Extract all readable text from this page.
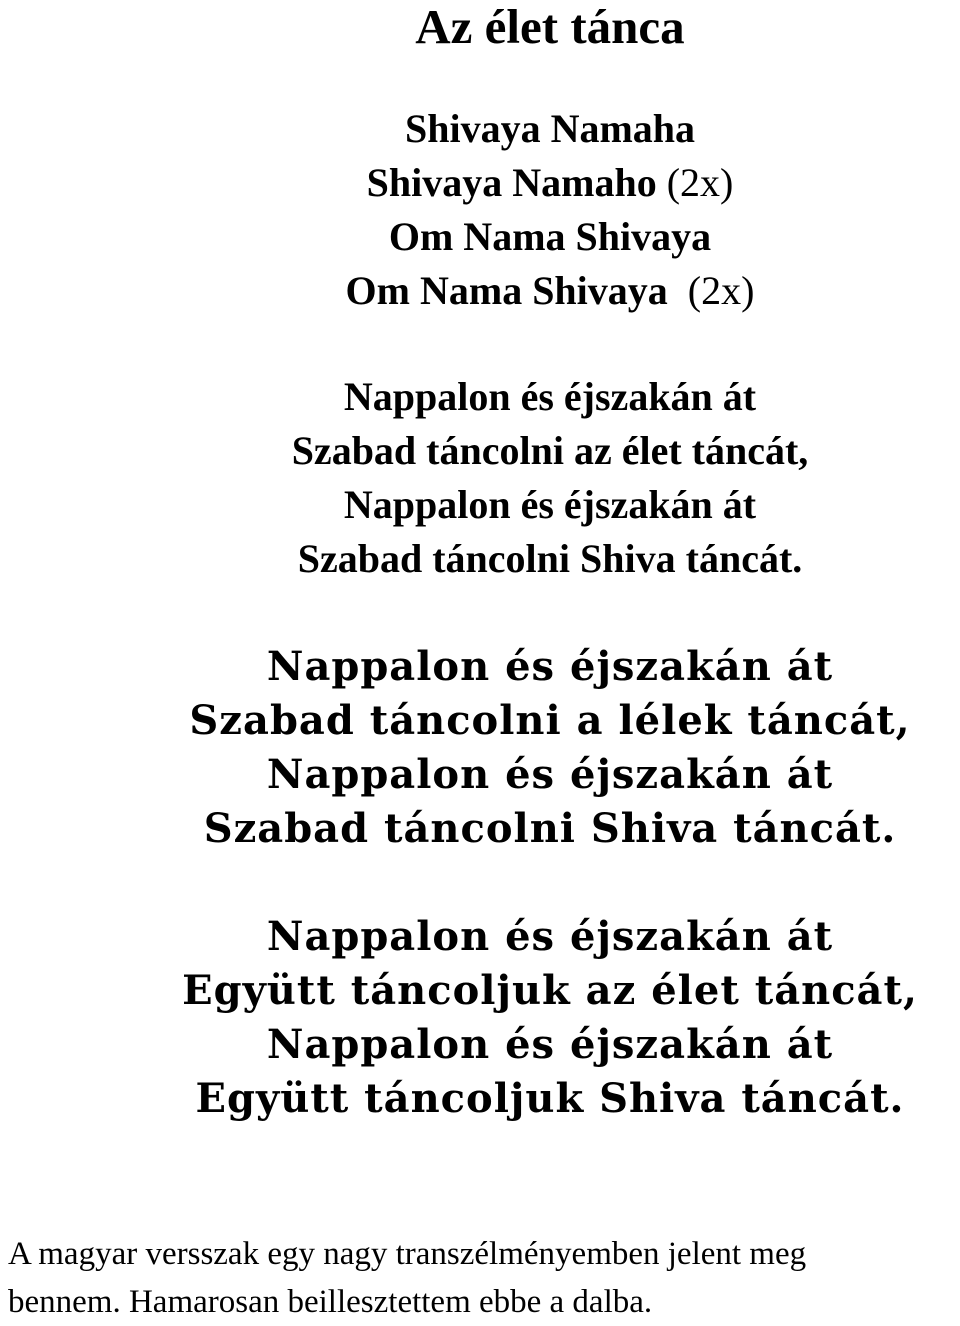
Az élet tánca
Shivaya Namaha
Shivaya Namaho (2x)
Om Nama Shivaya
Om Nama Shivaya  (2x)
Nappalon és éjszakán át
Szabad táncolni az élet táncát,
Nappalon és éjszakán át
Szabad táncolni Shiva táncát.
Nappalon és éjszakán át
Szabad táncolni a lélek táncát,
Nappalon és éjszakán át
Szabad táncolni Shiva táncát.
Nappalon és éjszakán át
Együtt táncoljuk az élet táncát,
Nappalon és éjszakán át
Együtt táncoljuk Shiva táncát.

A magyar versszak egy nagy transzélményemben jelent meg
bennem. Hamarosan beillesztettem ebbe a dalba.
